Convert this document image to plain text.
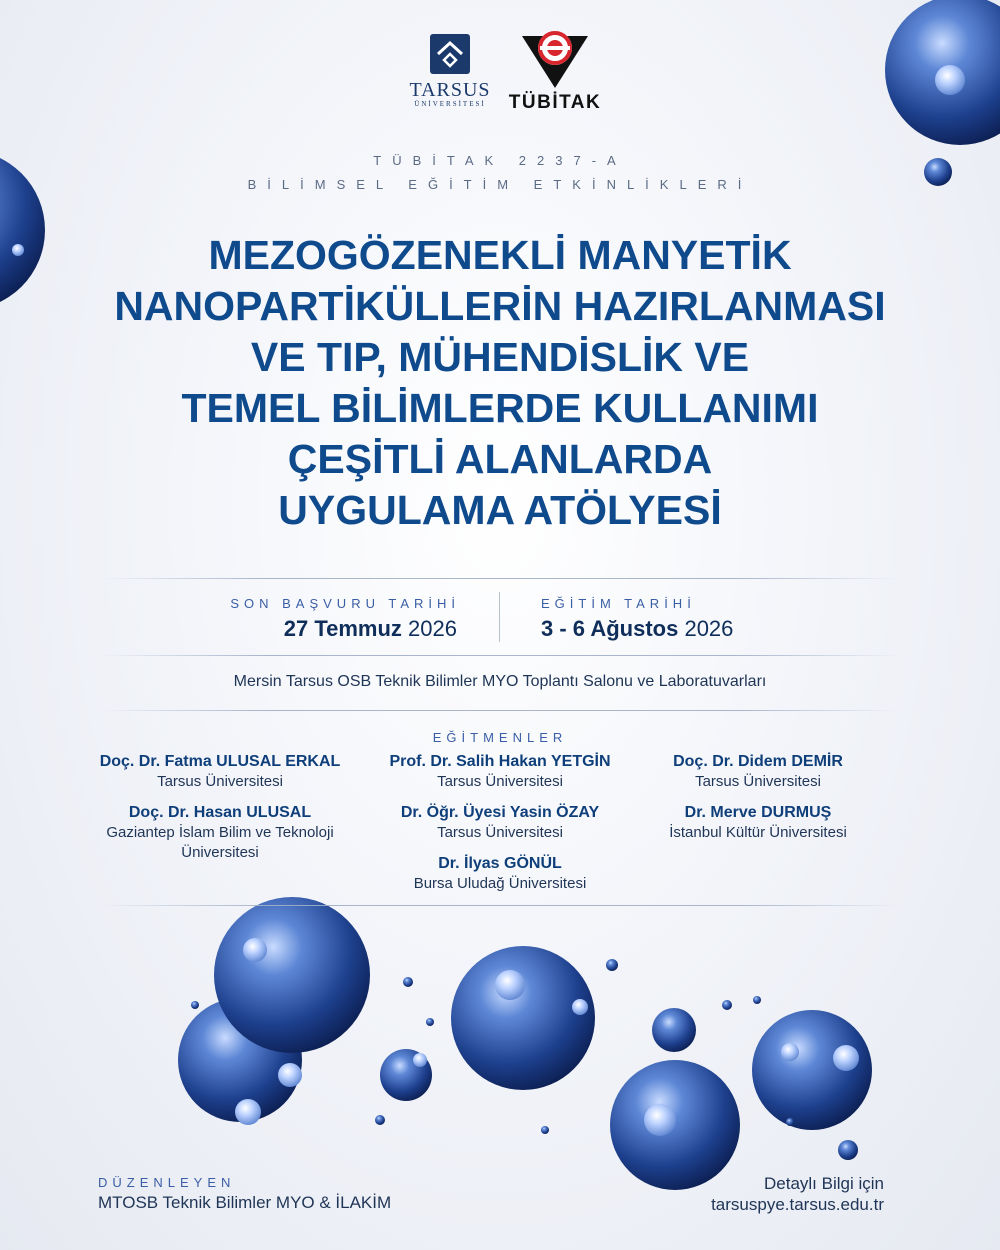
TARSUS
ÜNİVERSİTESİ	TÜBİTAK
TÜBİTAK 2237-A
BİLİMSEL EĞİTİM ETKİNLİKLERİ
MEZOGÖZENEKLİ MANYETİK
NANOPARTİKÜLLERİN HAZIRLANMASI
VE TIP, MÜHENDİSLİK VE
TEMEL BİLİMLERDE KULLANIMI
ÇEŞİTLİ ALANLARDA
UYGULAMA ATÖLYESİ
SON BAŞVURU TARİHİ
27 Temmuz 2026
EĞİTİM TARİHİ
3 - 6 Ağustos 2026
Mersin Tarsus OSB Teknik Bilimler MYO Toplantı Salonu ve Laboratuvarları
EĞİTMENLER
Doç. Dr. Fatma ULUSAL ERKAL
Tarsus Üniversitesi
Doç. Dr. Hasan ULUSAL
Gaziantep İslam Bilim ve Teknoloji Üniversitesi
Prof. Dr. Salih Hakan YETGİN
Tarsus Üniversitesi
Dr. Öğr. Üyesi Yasin ÖZAY
Tarsus Üniversitesi
Dr. İlyas GÖNÜL
Bursa Uludağ Üniversitesi
Doç. Dr. Didem DEMİR
Tarsus Üniversitesi
Dr. Merve DURMUŞ
İstanbul Kültür Üniversitesi
DÜZENLEYEN
MTOSB Teknik Bilimler MYO & İLAKİM
Detaylı Bilgi için
tarsuspye.tarsus.edu.tr
